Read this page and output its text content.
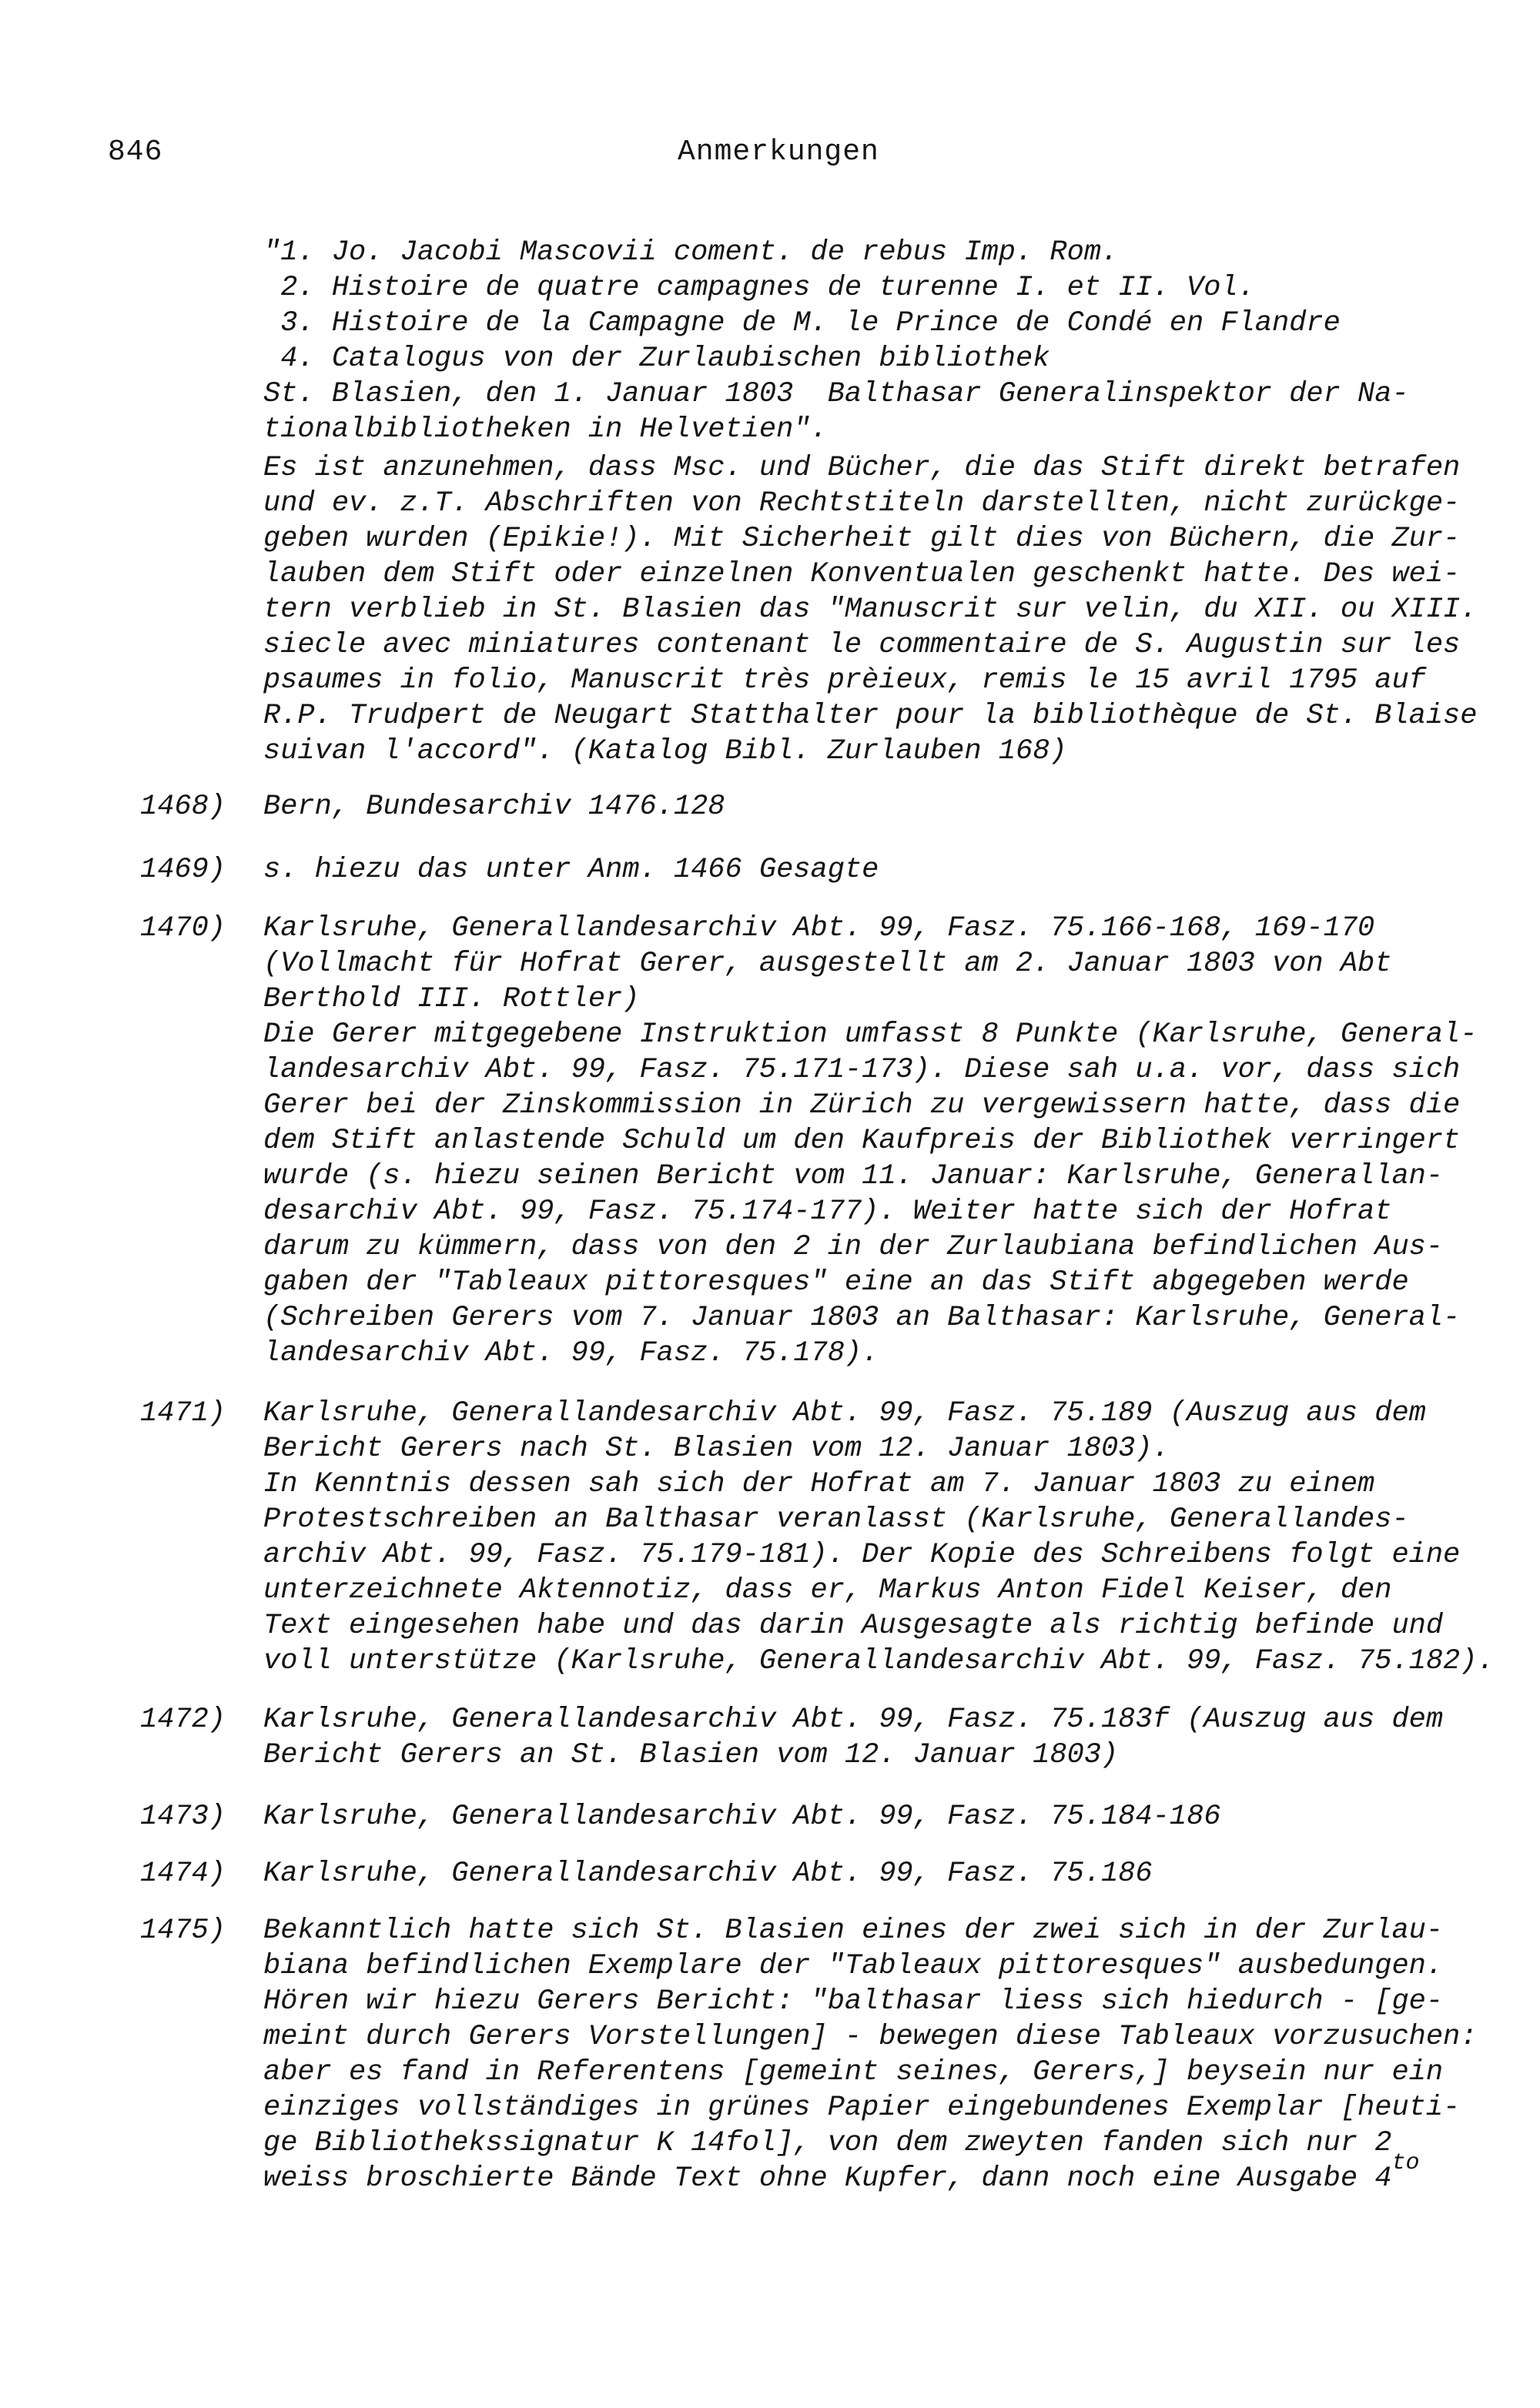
846	Anmerkungen
"1. Jo. Jacobi Mascovii coment. de rebus Imp. Rom.
2. Histoire de quatre campagnes de turenne I. et II. Vol.
3. Histoire de la Campagne de M. le Prince de Condé en Flandre
4. Catalogus von der Zurlaubischen bibliothek
St. Blasien, den 1. Januar 1803  Balthasar Generalinspektor der Na-
tionalbibliotheken in Helvetien".
Es ist anzunehmen, dass Msc. und Bücher, die das Stift direkt betrafen
und ev. z.T. Abschriften von Rechtstiteln darstellten, nicht zurückge-
geben wurden (Epikie!). Mit Sicherheit gilt dies von Büchern, die Zur-
lauben dem Stift oder einzelnen Konventualen geschenkt hatte. Des wei-
tern verblieb in St. Blasien das "Manuscrit sur velin, du XII. ou XIII.
siecle avec miniatures contenant le commentaire de S. Augustin sur les
psaumes in folio, Manuscrit très prèieux, remis le 15 avril 1795 auf
R.P. Trudpert de Neugart Statthalter pour la bibliothèque de St. Blaise
suivan l'accord". (Katalog Bibl. Zurlauben 168)
1468) Bern, Bundesarchiv 1476.128
1469) s. hiezu das unter Anm. 1466 Gesagte
1470) Karlsruhe, Generallandesarchiv Abt. 99, Fasz. 75.166-168, 169-170
(Vollmacht für Hofrat Gerer, ausgestellt am 2. Januar 1803 von Abt
Berthold III. Rottler)
Die Gerer mitgegebene Instruktion umfasst 8 Punkte (Karlsruhe, General-
landesarchiv Abt. 99, Fasz. 75.171-173). Diese sah u.a. vor, dass sich
Gerer bei der Zinskommission in Zürich zu vergewissern hatte, dass die
dem Stift anlastende Schuld um den Kaufpreis der Bibliothek verringert
wurde (s. hiezu seinen Bericht vom 11. Januar: Karlsruhe, Generallan-
desarchiv Abt. 99, Fasz. 75.174-177). Weiter hatte sich der Hofrat
darum zu kümmern, dass von den 2 in der Zurlaubiana befindlichen Aus-
gaben der "Tableaux pittoresques" eine an das Stift abgegeben werde
(Schreiben Gerers vom 7. Januar 1803 an Balthasar: Karlsruhe, General-
landesarchiv Abt. 99, Fasz. 75.178).
1471) Karlsruhe, Generallandesarchiv Abt. 99, Fasz. 75.189 (Auszug aus dem
Bericht Gerers nach St. Blasien vom 12. Januar 1803).
In Kenntnis dessen sah sich der Hofrat am 7. Januar 1803 zu einem
Protestschreiben an Balthasar veranlasst (Karlsruhe, Generallandes-
archiv Abt. 99, Fasz. 75.179-181). Der Kopie des Schreibens folgt eine
unterzeichnete Aktennotiz, dass er, Markus Anton Fidel Keiser, den
Text eingesehen habe und das darin Ausgesagte als richtig befinde und
voll unterstütze (Karlsruhe, Generallandesarchiv Abt. 99, Fasz. 75.182).
1472) Karlsruhe, Generallandesarchiv Abt. 99, Fasz. 75.183f (Auszug aus dem
Bericht Gerers an St. Blasien vom 12. Januar 1803)
1473) Karlsruhe, Generallandesarchiv Abt. 99, Fasz. 75.184-186
1474) Karlsruhe, Generallandesarchiv Abt. 99, Fasz. 75.186
1475) Bekanntlich hatte sich St. Blasien eines der zwei sich in der Zurlau-
biana befindlichen Exemplare der "Tableaux pittoresques" ausbedungen.
Hören wir hiezu Gerers Bericht: "balthasar liess sich hiedurch - [ge-
meint durch Gerers Vorstellungen] - bewegen diese Tableaux vorzusuchen:
aber es fand in Referentens [gemeint seines, Gerers,] beysein nur ein
einziges vollständiges in grünes Papier eingebundenes Exemplar [heuti-
ge Bibliothekssignatur K 14fol], von dem zweyten fanden sich nur 2
weiss broschierte Bände Text ohne Kupfer, dann noch eine Ausgabe $4^{to}$
